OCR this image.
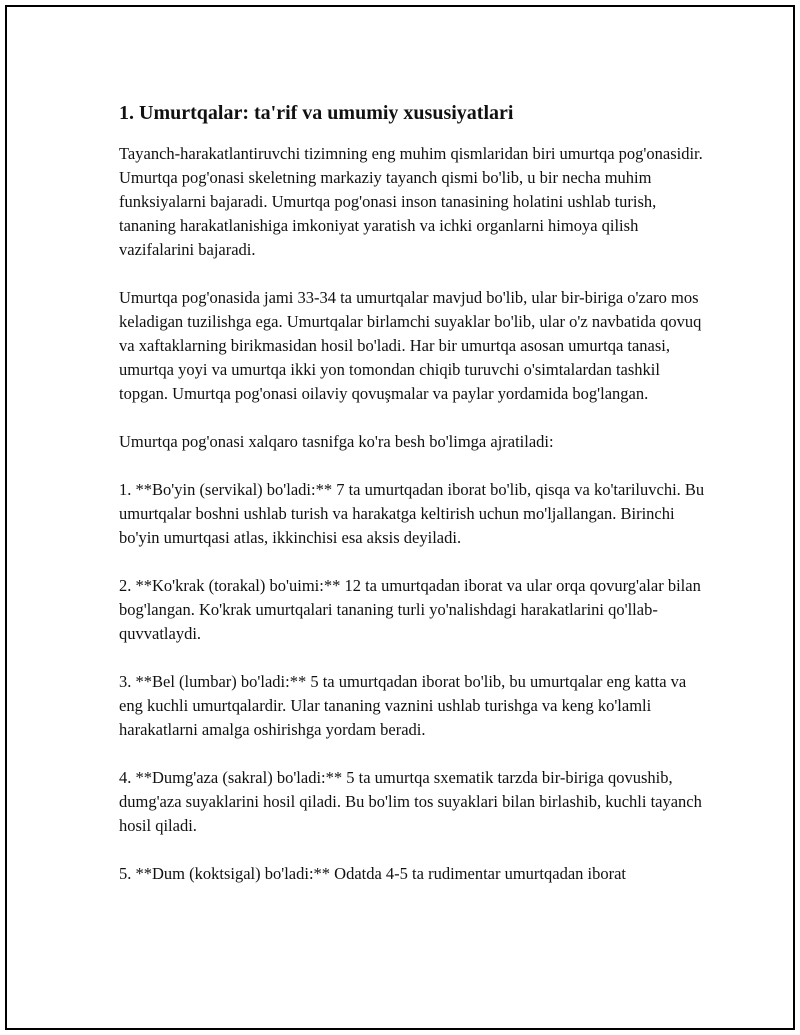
1. Umurtqalar: ta'rif va umumiy xususiyatlari

Tayanch-harakatlantiruvchi tizimning eng muhim qismlaridan biri umurtqa pog'onasidir. Umurtqa pog'onasi skeletning markaziy tayanch qismi bo'lib, u bir necha muhim funksiyalarni bajaradi. Umurtqa pog'onasi inson tanasining holatini ushlab turish, tananing harakatlanishiga imkoniyat yaratish va ichki organlarni himoya qilish vazifalarini bajaradi.

Umurtqa pog'onasida jami 33-34 ta umurtqalar mavjud bo'lib, ular bir-biriga o'zaro mos keladigan tuzilishga ega. Umurtqalar birlamchi suyaklar bo'lib, ular o'z navbatida qovuq va xaftaklarning birikmasidan hosil bo'ladi. Har bir umurtqa asosan umurtqa tanasi, umurtqa yoyi va umurtqa ikki yon tomondan chiqib turuvchi o'simtalardan tashkil topgan. Umurtqa pog'onasi oilaviy qovuşmalar va paylar yordamida bog'langan.

Umurtqa pog'onasi xalqaro tasnifga ko'ra besh bo'limga ajratiladi:

1. **Bo'yin (servikal) bo'ladi:** 7 ta umurtqadan iborat bo'lib, qisqa va ko'tariluvchi. Bu umurtqalar boshni ushlab turish va harakatga keltirish uchun mo'ljallangan. Birinchi bo'yin umurtqasi atlas, ikkinchisi esa aksis deyiladi.

2. **Ko'krak (torakal) bo'uimi:** 12 ta umurtqadan iborat va ular orqa qovurg'alar bilan bog'langan. Ko'krak umurtqalari tananing turli yo'nalishdagi harakatlarini qo'llab-quvvatlaydi.

3. **Bel (lumbar) bo'ladi:** 5 ta umurtqadan iborat bo'lib, bu umurtqalar eng katta va eng kuchli umurtqalardir. Ular tananing vaznini ushlab turishga va keng ko'lamli harakatlarni amalga oshirishga yordam beradi.

4. **Dumg'aza (sakral) bo'ladi:** 5 ta umurtqa sxematik tarzda bir-biriga qovushib, dumg'aza suyaklarini hosil qiladi. Bu bo'lim tos suyaklari bilan birlashib, kuchli tayanch hosil qiladi.

5. **Dum (koktsigal) bo'ladi:** Odatda 4-5 ta rudimentar umurtqadan iborat
